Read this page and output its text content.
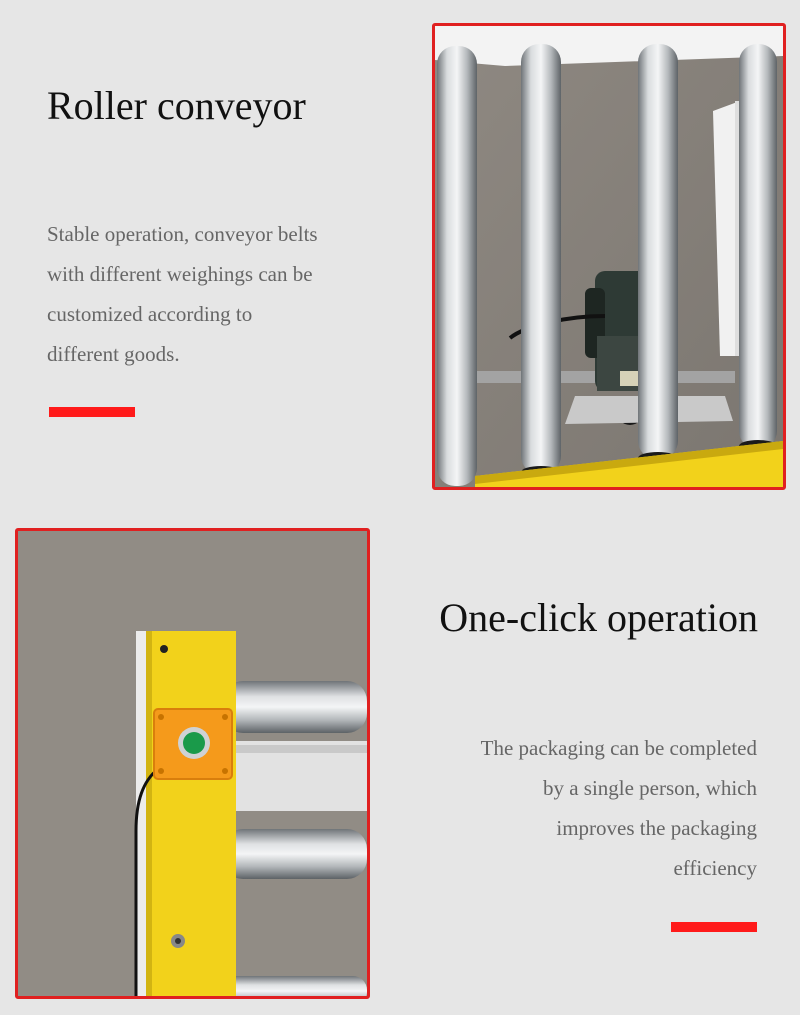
Roller conveyor

Stable operation, conveyor belts
with different weighings can be
customized according to
different goods.

One-click operation

The packaging can be completed
by a single person, which
improves the packaging
efficiency
